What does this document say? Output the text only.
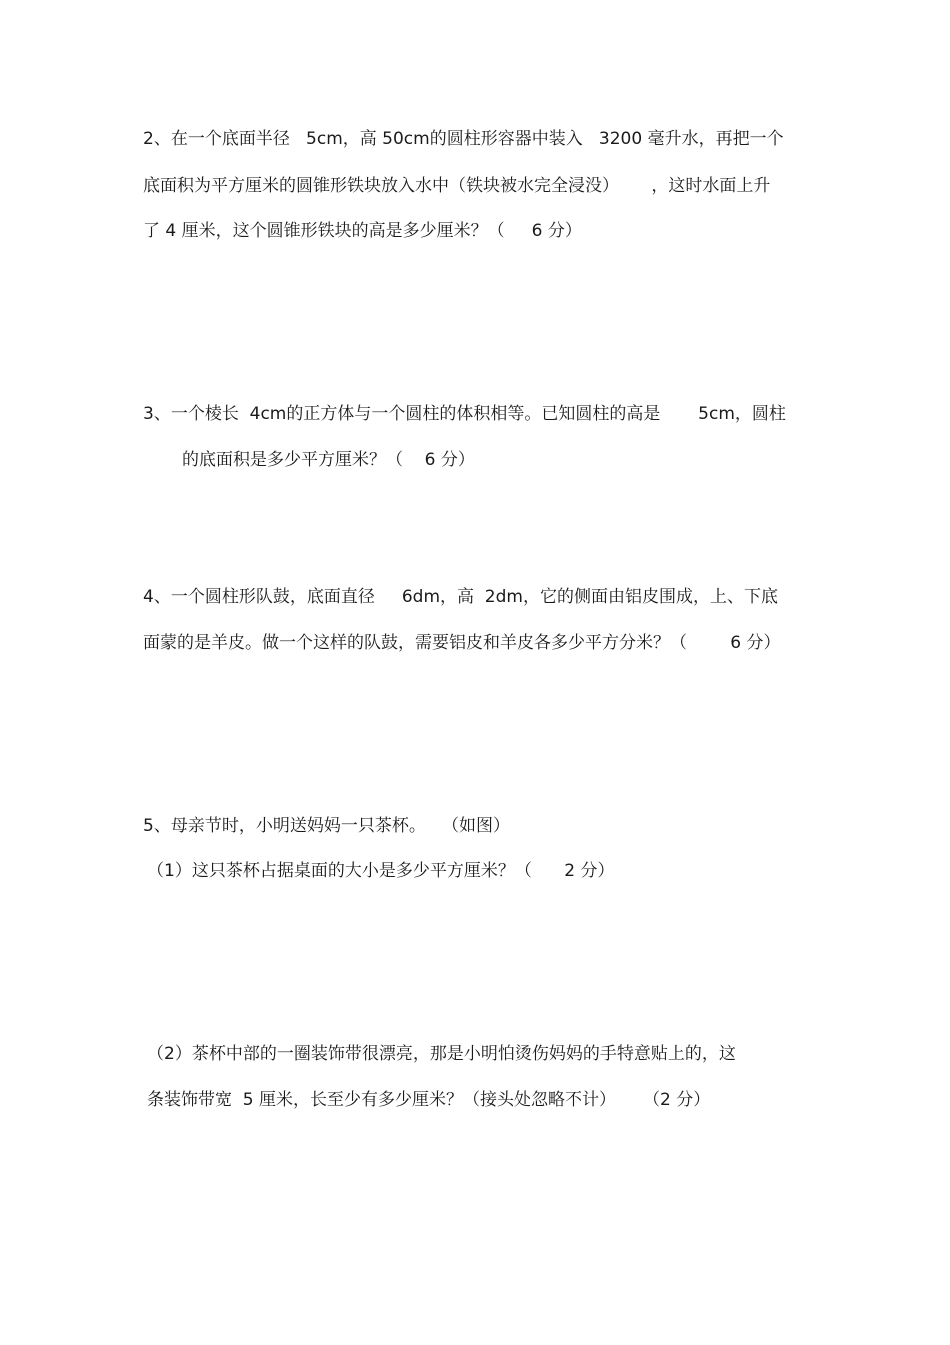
2、在一个底面半径   5cm，高 50cm的圆柱形容器中装入   3200 毫升水，再把一个

底面积为平方厘米的圆锥形铁块放入水中（铁块被水完全浸没）      ，这时水面上升

了 4 厘米，这个圆锥形铁块的高是多少厘米？（     6 分）

3、一个棱长  4cm的正方体与一个圆柱的体积相等。已知圆柱的高是       5cm，圆柱

的底面积是多少平方厘米？（    6 分）

4、一个圆柱形队鼓，底面直径     6dm，高  2dm，它的侧面由铝皮围成，上、下底

面蒙的是羊皮。做一个这样的队鼓，需要铝皮和羊皮各多少平方分米？（        6 分）

5、母亲节时，小明送妈妈一只茶杯。   （如图）

（1）这只茶杯占据桌面的大小是多少平方厘米？（      2 分）

（2）茶杯中部的一圈装饰带很漂亮，那是小明怕烫伤妈妈的手特意贴上的，这

条装饰带宽  5 厘米，长至少有多少厘米？（接头处忽略不计）     （2 分）
